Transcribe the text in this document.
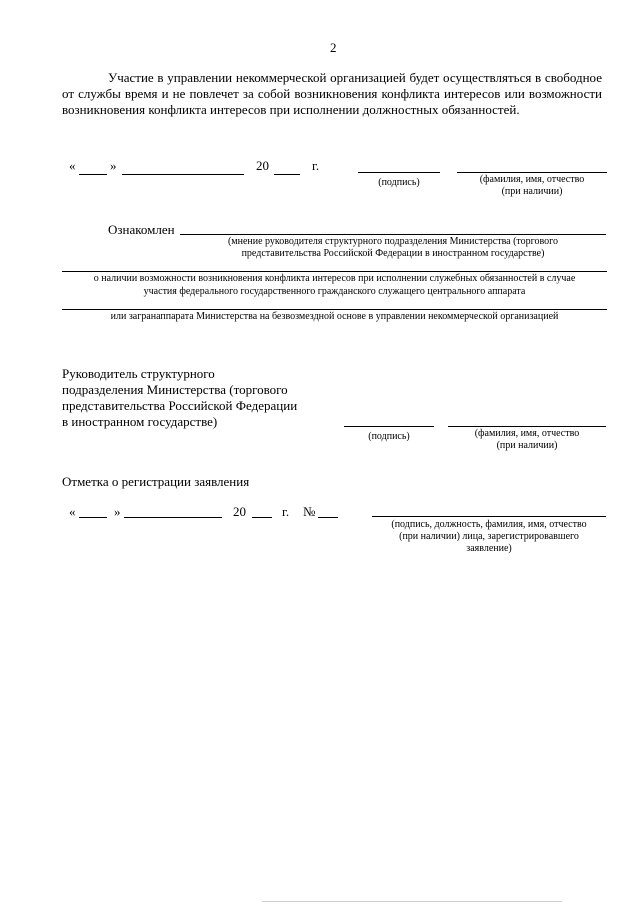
2
Участие в управлении некоммерческой организацией будет осуществляться в свободное
от службы время и не повлечет за собой возникновения конфликта интересов или возможности
возникновения конфликта интересов при исполнении должностных обязанностей.
«	»	20	г.
(подпись)	(фамилия, имя, отчество
(при наличии)
Ознакомлен
(мнение руководителя структурного подразделения Министерства (торгового
представительства Российской Федерации в иностранном государстве)
о наличии возможности возникновения конфликта интересов при исполнении служебных обязанностей в случае
участия федерального государственного гражданского служащего центрального аппарата
или загранаппарата Министерства на безвозмездной основе в управлении некоммерческой организацией
Руководитель структурного
подразделения Министерства (торгового
представительства Российской Федерации
в иностранном государстве)
(подпись)	(фамилия, имя, отчество
(при наличии)
Отметка о регистрации заявления
«	»	20	г. №
(подпись, должность, фамилия, имя, отчество
(при наличии) лица, зарегистрировавшего
заявление)
